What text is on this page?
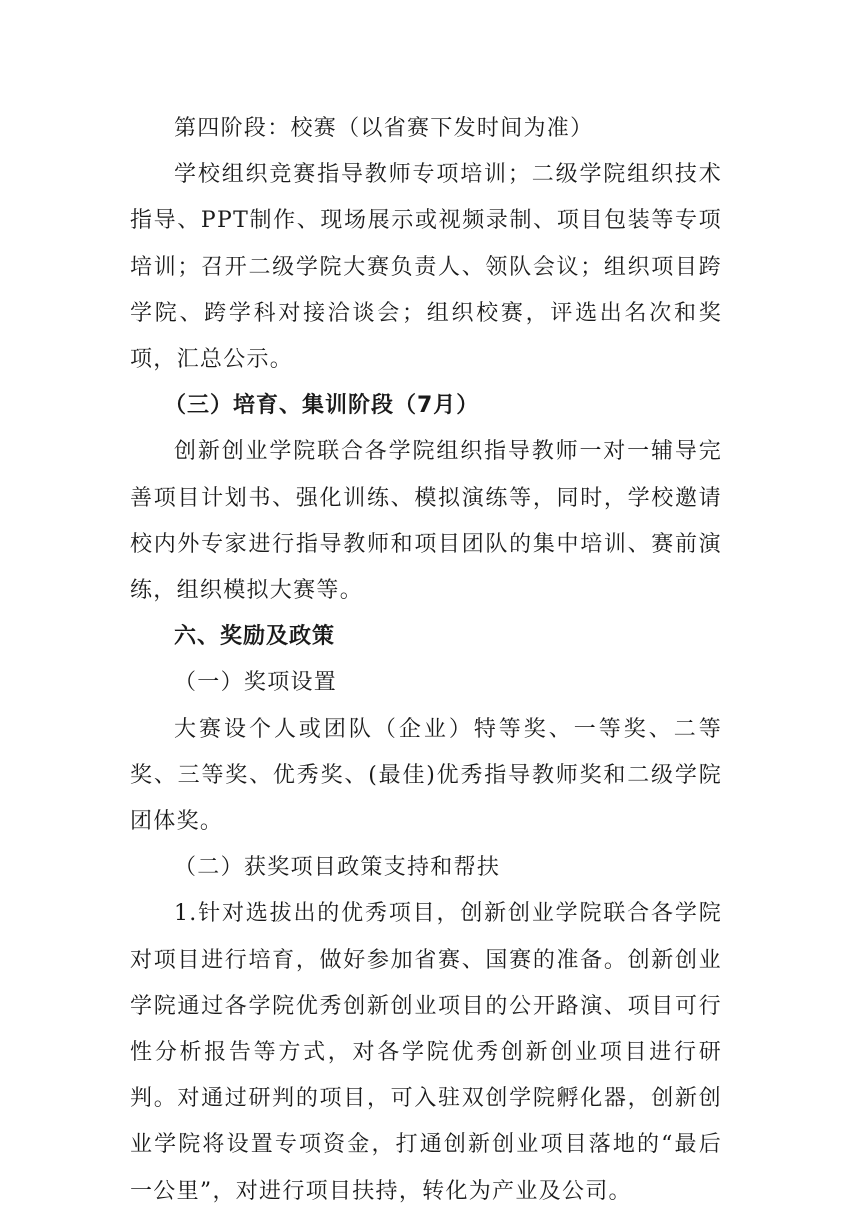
第四阶段：校赛（以省赛下发时间为准）

学校组织竞赛指导教师专项培训；二级学院组织技术指导、PPT制作、现场展示或视频录制、项目包装等专项培训；召开二级学院大赛负责人、领队会议；组织项目跨学院、跨学科对接洽谈会；组织校赛，评选出名次和奖项，汇总公示。

（三）培育、集训阶段（7月）

创新创业学院联合各学院组织指导教师一对一辅导完善项目计划书、强化训练、模拟演练等，同时，学校邀请校内外专家进行指导教师和项目团队的集中培训、赛前演练，组织模拟大赛等。

六、奖励及政策

（一）奖项设置

大赛设个人或团队（企业）特等奖、一等奖、二等奖、三等奖、优秀奖、(最佳)优秀指导教师奖和二级学院团体奖。

（二）获奖项目政策支持和帮扶

1.针对选拔出的优秀项目，创新创业学院联合各学院对项目进行培育，做好参加省赛、国赛的准备。创新创业学院通过各学院优秀创新创业项目的公开路演、项目可行性分析报告等方式，对各学院优秀创新创业项目进行研判。对通过研判的项目，可入驻双创学院孵化器，创新创业学院将设置专项资金，打通创新创业项目落地的“最后一公里”，对进行项目扶持，转化为产业及公司。
